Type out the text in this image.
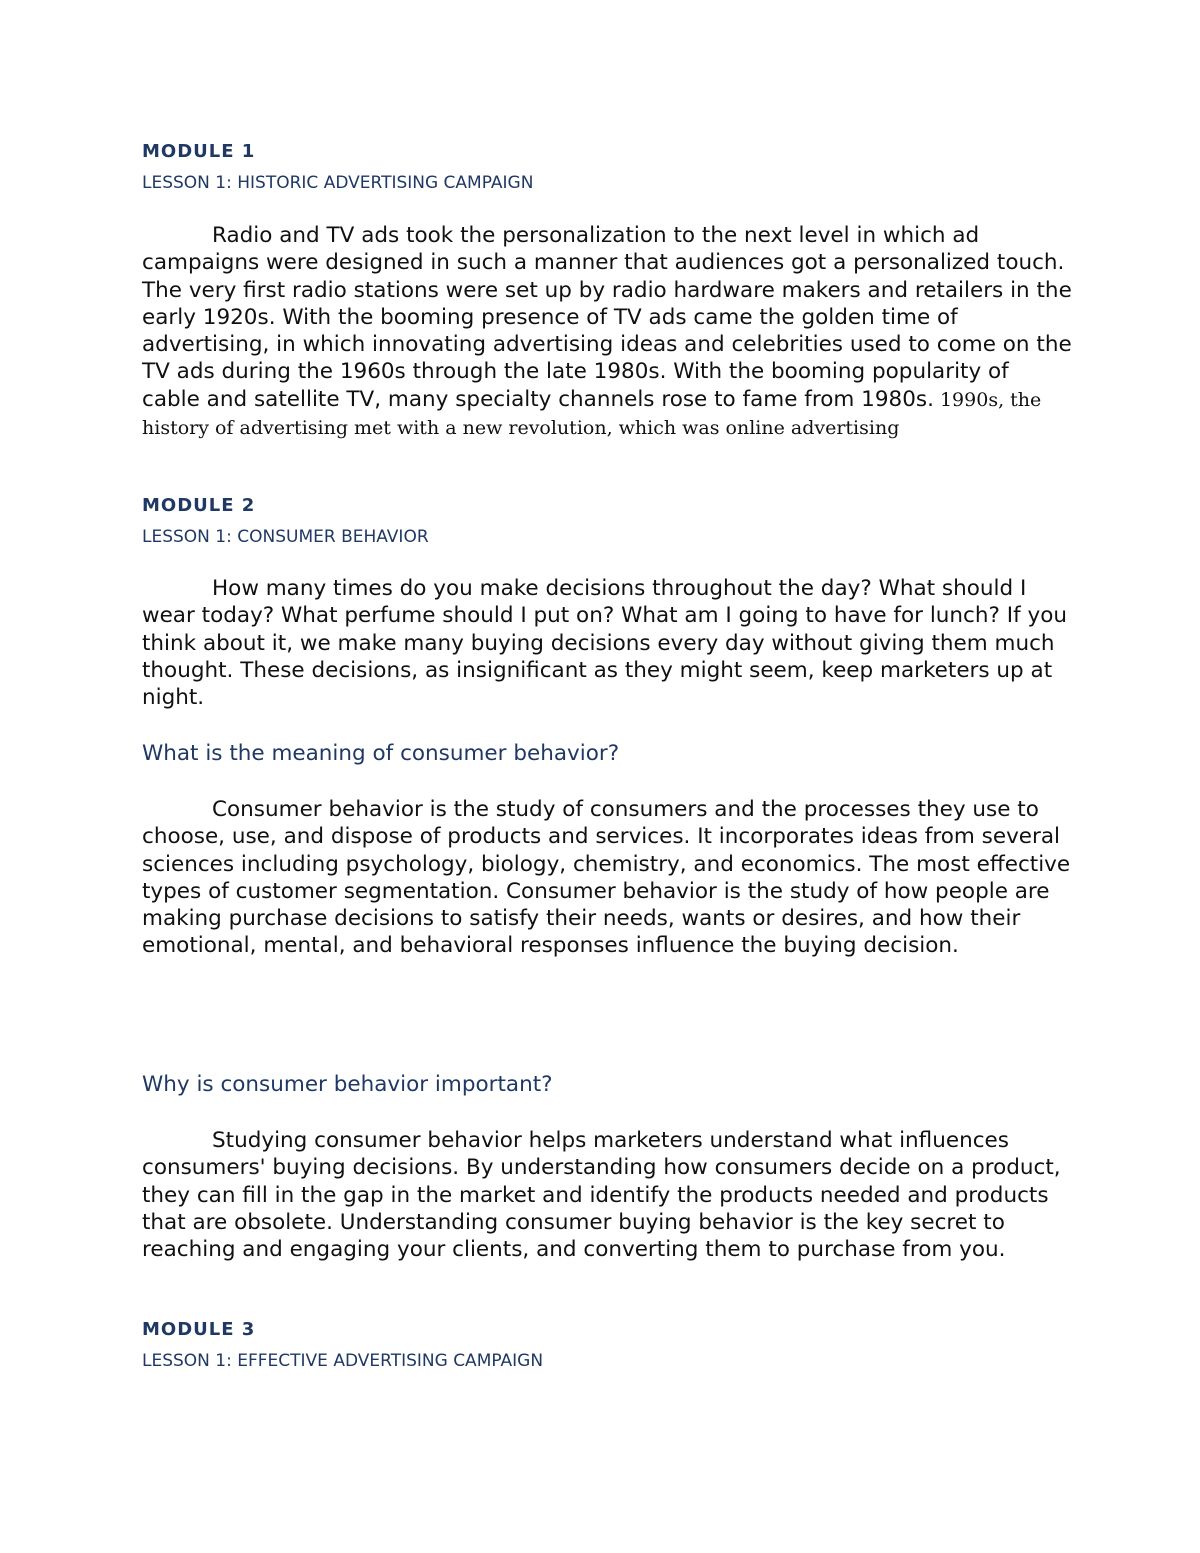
MODULE 1

LESSON 1: HISTORIC ADVERTISING CAMPAIGN

Radio and TV ads took the personalization to the next level in which ad campaigns were designed in such a manner that audiences got a personalized touch. The very first radio stations were set up by radio hardware makers and retailers in the early 1920s. With the booming presence of TV ads came the golden time of advertising, in which innovating advertising ideas and celebrities used to come on the TV ads during the 1960s through the late 1980s. With the booming popularity of cable and satellite TV, many specialty channels rose to fame from 1980s. 1990s, the history of advertising met with a new revolution, which was online advertising

MODULE 2

LESSON 1: CONSUMER BEHAVIOR

How many times do you make decisions throughout the day? What should I wear today? What perfume should I put on? What am I going to have for lunch? If you think about it, we make many buying decisions every day without giving them much thought. These decisions, as insignificant as they might seem, keep marketers up at night.

What is the meaning of consumer behavior?

Consumer behavior is the study of consumers and the processes they use to choose, use, and dispose of products and services. It incorporates ideas from several sciences including psychology, biology, chemistry, and economics. The most effective types of customer segmentation. Consumer behavior is the study of how people are making purchase decisions to satisfy their needs, wants or desires, and how their emotional, mental, and behavioral responses influence the buying decision.

Why is consumer behavior important?

Studying consumer behavior helps marketers understand what influences consumers' buying decisions. By understanding how consumers decide on a product, they can fill in the gap in the market and identify the products needed and products that are obsolete. Understanding consumer buying behavior is the key secret to reaching and engaging your clients, and converting them to purchase from you.

MODULE 3

LESSON 1: EFFECTIVE ADVERTISING CAMPAIGN
